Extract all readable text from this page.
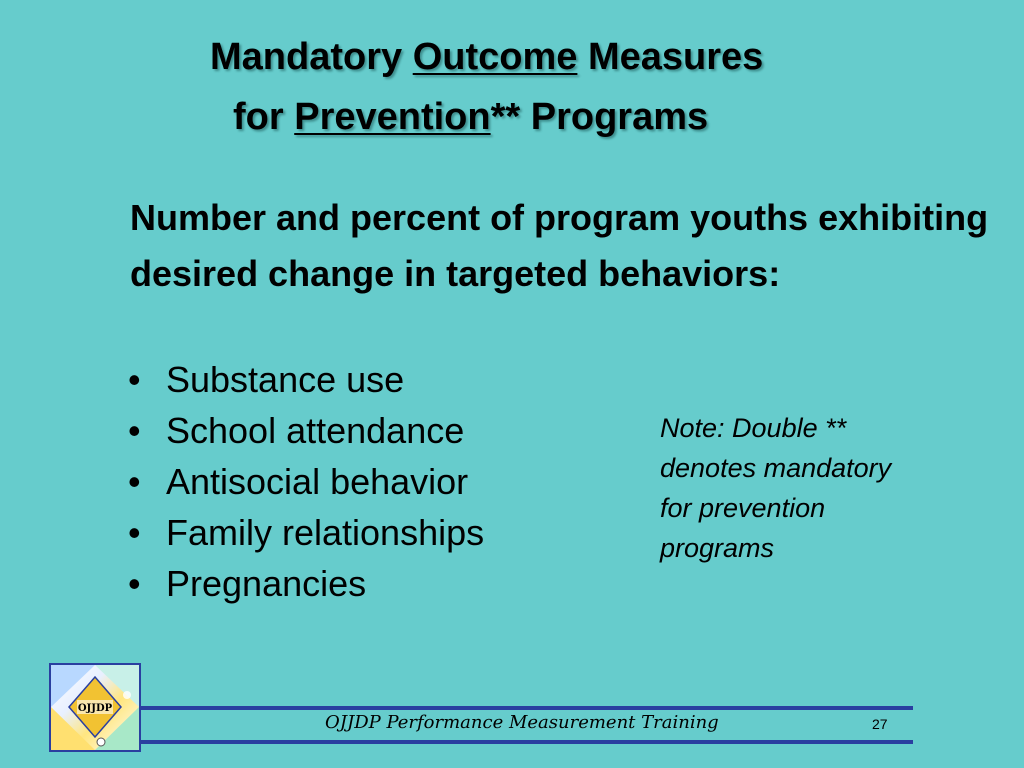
Mandatory Outcome Measures
for Prevention** Programs
Number and percent of program youths exhibiting desired change in targeted behaviors:
• Substance use
• School attendance
• Antisocial behavior
• Family relationships
• Pregnancies
Note: Double **
denotes mandatory
for prevention
programs
OJJDP
OJJDP Performance Measurement Training	27
